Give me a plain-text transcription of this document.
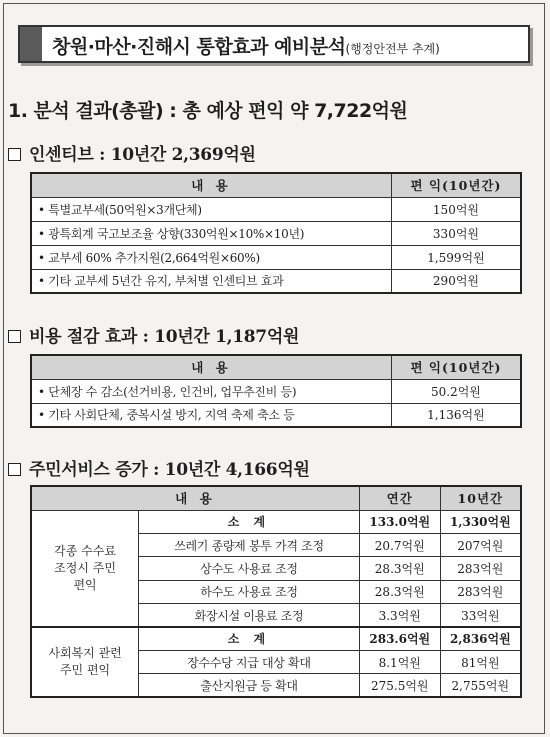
창원·마산·진해시 통합효과 예비분석(행정안전부 추계)
1. 분석 결과(총괄) : 총 예상 편익 약 7,722억원
인센티브 : 10년간 2,369억원
내 용	편 익(10년간)
• 특별교부세(50억원×3개단체)	150억원
• 광특회계 국고보조율 상향(330억원×10%×10년)	330억원
• 교부세 60% 추가지원(2,664억원×60%)	1,599억원
• 기타 교부세 5년간 유지, 부처별 인센티브 효과	290억원
비용 절감 효과 : 10년간 1,187억원
내 용	편 익(10년간)
• 단체장 수 감소(선거비용, 인건비, 업무추진비 등)	50.2억원
• 기타 사회단체, 중복시설 방지, 지역 축제 축소 등	1,136억원
주민서비스 증가 : 10년간 4,166억원
내 용		연간	10년간
각종 수수료 조정시 주민 편익	소 계	133.0억원	1,330억원
	쓰레기 종량제 봉투 가격 조정	20.7억원	207억원
	상수도 사용료 조정	28.3억원	283억원
	하수도 사용료 조정	28.3억원	283억원
	화장시설 이용료 조정	3.3억원	33억원
사회복지 관련 주민 편익	소 계	283.6억원	2,836억원
	장수수당 지급 대상 확대	8.1억원	81억원
	출산지원금 등 확대	275.5억원	2,755억원
